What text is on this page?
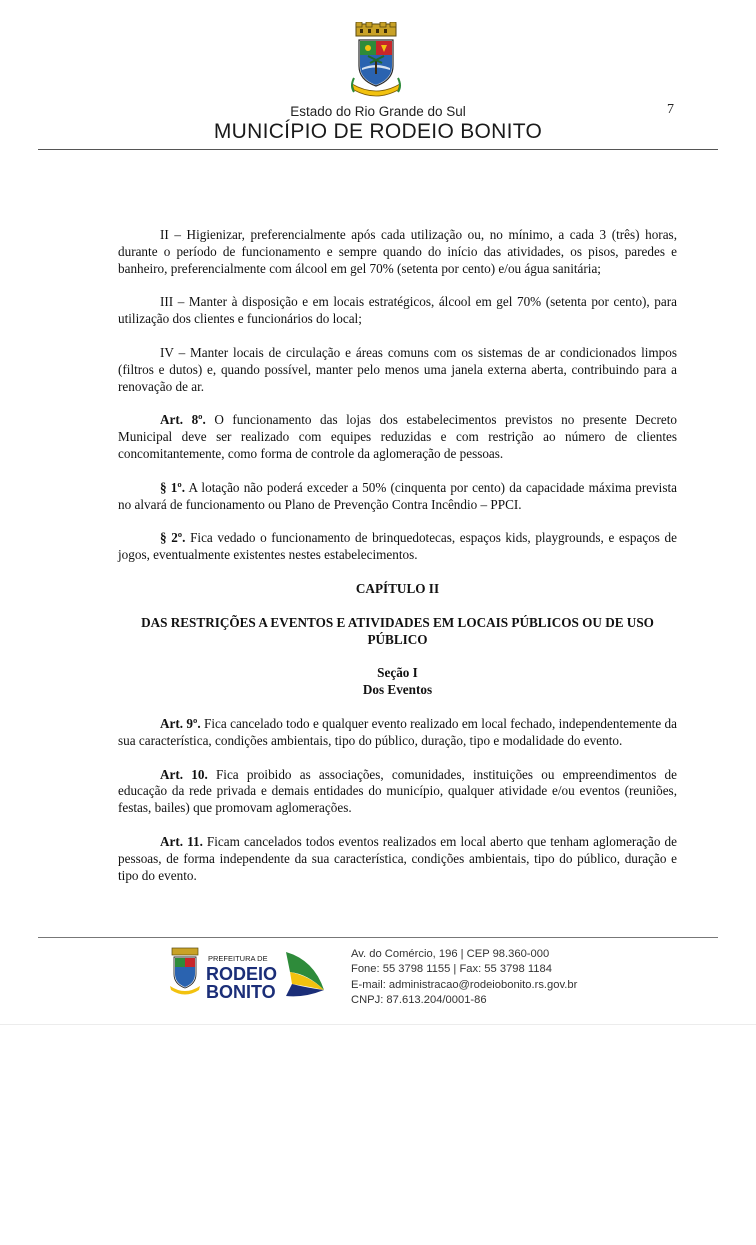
Estado do Rio Grande do Sul
MUNICÍPIO DE RODEIO BONITO
7

II – Higienizar, preferencialmente após cada utilização ou, no mínimo, a cada 3 (três) horas, durante o período de funcionamento e sempre quando do início das atividades, os pisos, paredes e banheiro, preferencialmente com álcool em gel 70% (setenta por cento) e/ou água sanitária;

III – Manter à disposição e em locais estratégicos, álcool em gel 70% (setenta por cento), para utilização dos clientes e funcionários do local;

IV – Manter locais de circulação e áreas comuns com os sistemas de ar condicionados limpos (filtros e dutos) e, quando possível, manter pelo menos uma janela externa aberta, contribuindo para a renovação de ar.

Art. 8º. O funcionamento das lojas dos estabelecimentos previstos no presente Decreto Municipal deve ser realizado com equipes reduzidas e com restrição ao número de clientes concomitantemente, como forma de controle da aglomeração de pessoas.

§ 1º. A lotação não poderá exceder a 50% (cinquenta por cento) da capacidade máxima prevista no alvará de funcionamento ou Plano de Prevenção Contra Incêndio – PPCI.

§ 2º. Fica vedado o funcionamento de brinquedotecas, espaços kids, playgrounds, e espaços de jogos, eventualmente existentes nestes estabelecimentos.

CAPÍTULO II

DAS RESTRIÇÕES A EVENTOS E ATIVIDADES EM LOCAIS PÚBLICOS OU DE USO PÚBLICO

Seção I

Dos Eventos

Art. 9º. Fica cancelado todo e qualquer evento realizado em local fechado, independentemente da sua característica, condições ambientais, tipo do público, duração, tipo e modalidade do evento.

Art. 10. Fica proibido as associações, comunidades, instituições ou empreendimentos de educação da rede privada e demais entidades do município, qualquer atividade e/ou eventos (reuniões, festas, bailes) que promovam aglomerações.

Art. 11. Ficam cancelados todos eventos realizados em local aberto que tenham aglomeração de pessoas, de forma independente da sua característica, condições ambientais, tipo do público, duração e tipo do evento.

PREFEITURA DE
RODEIO
BONITO
Av. do Comércio, 196 | CEP 98.360-000
Fone: 55 3798 1155 | Fax: 55 3798 1184
E-mail: administracao@rodeiobonito.rs.gov.br
CNPJ: 87.613.204/0001-86
